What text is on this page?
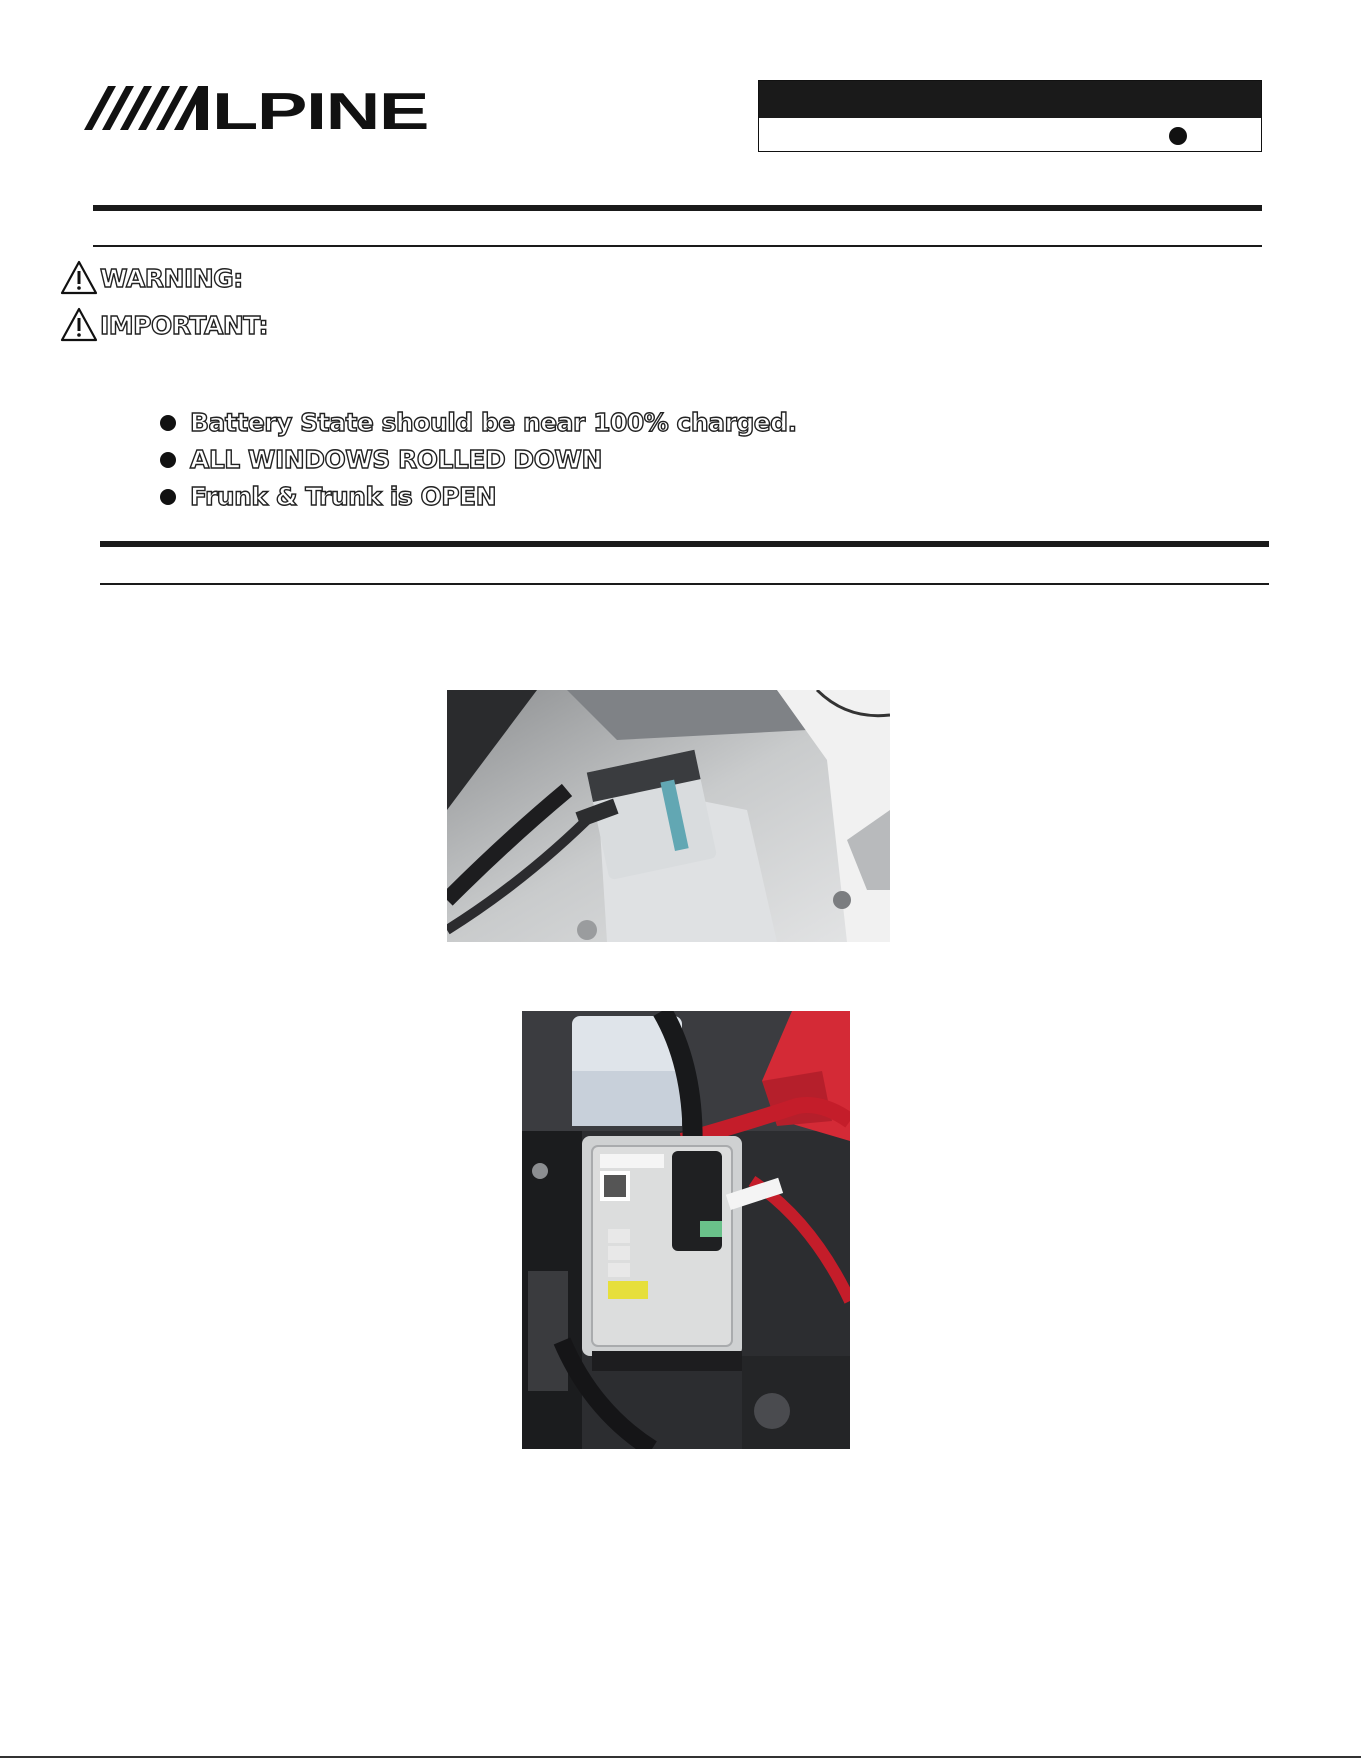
LPINE
WARNING:
IMPORTANT:
Battery State should be near 100% charged.
ALL WINDOWS ROLLED DOWN
Frunk & Trunk is OPEN
